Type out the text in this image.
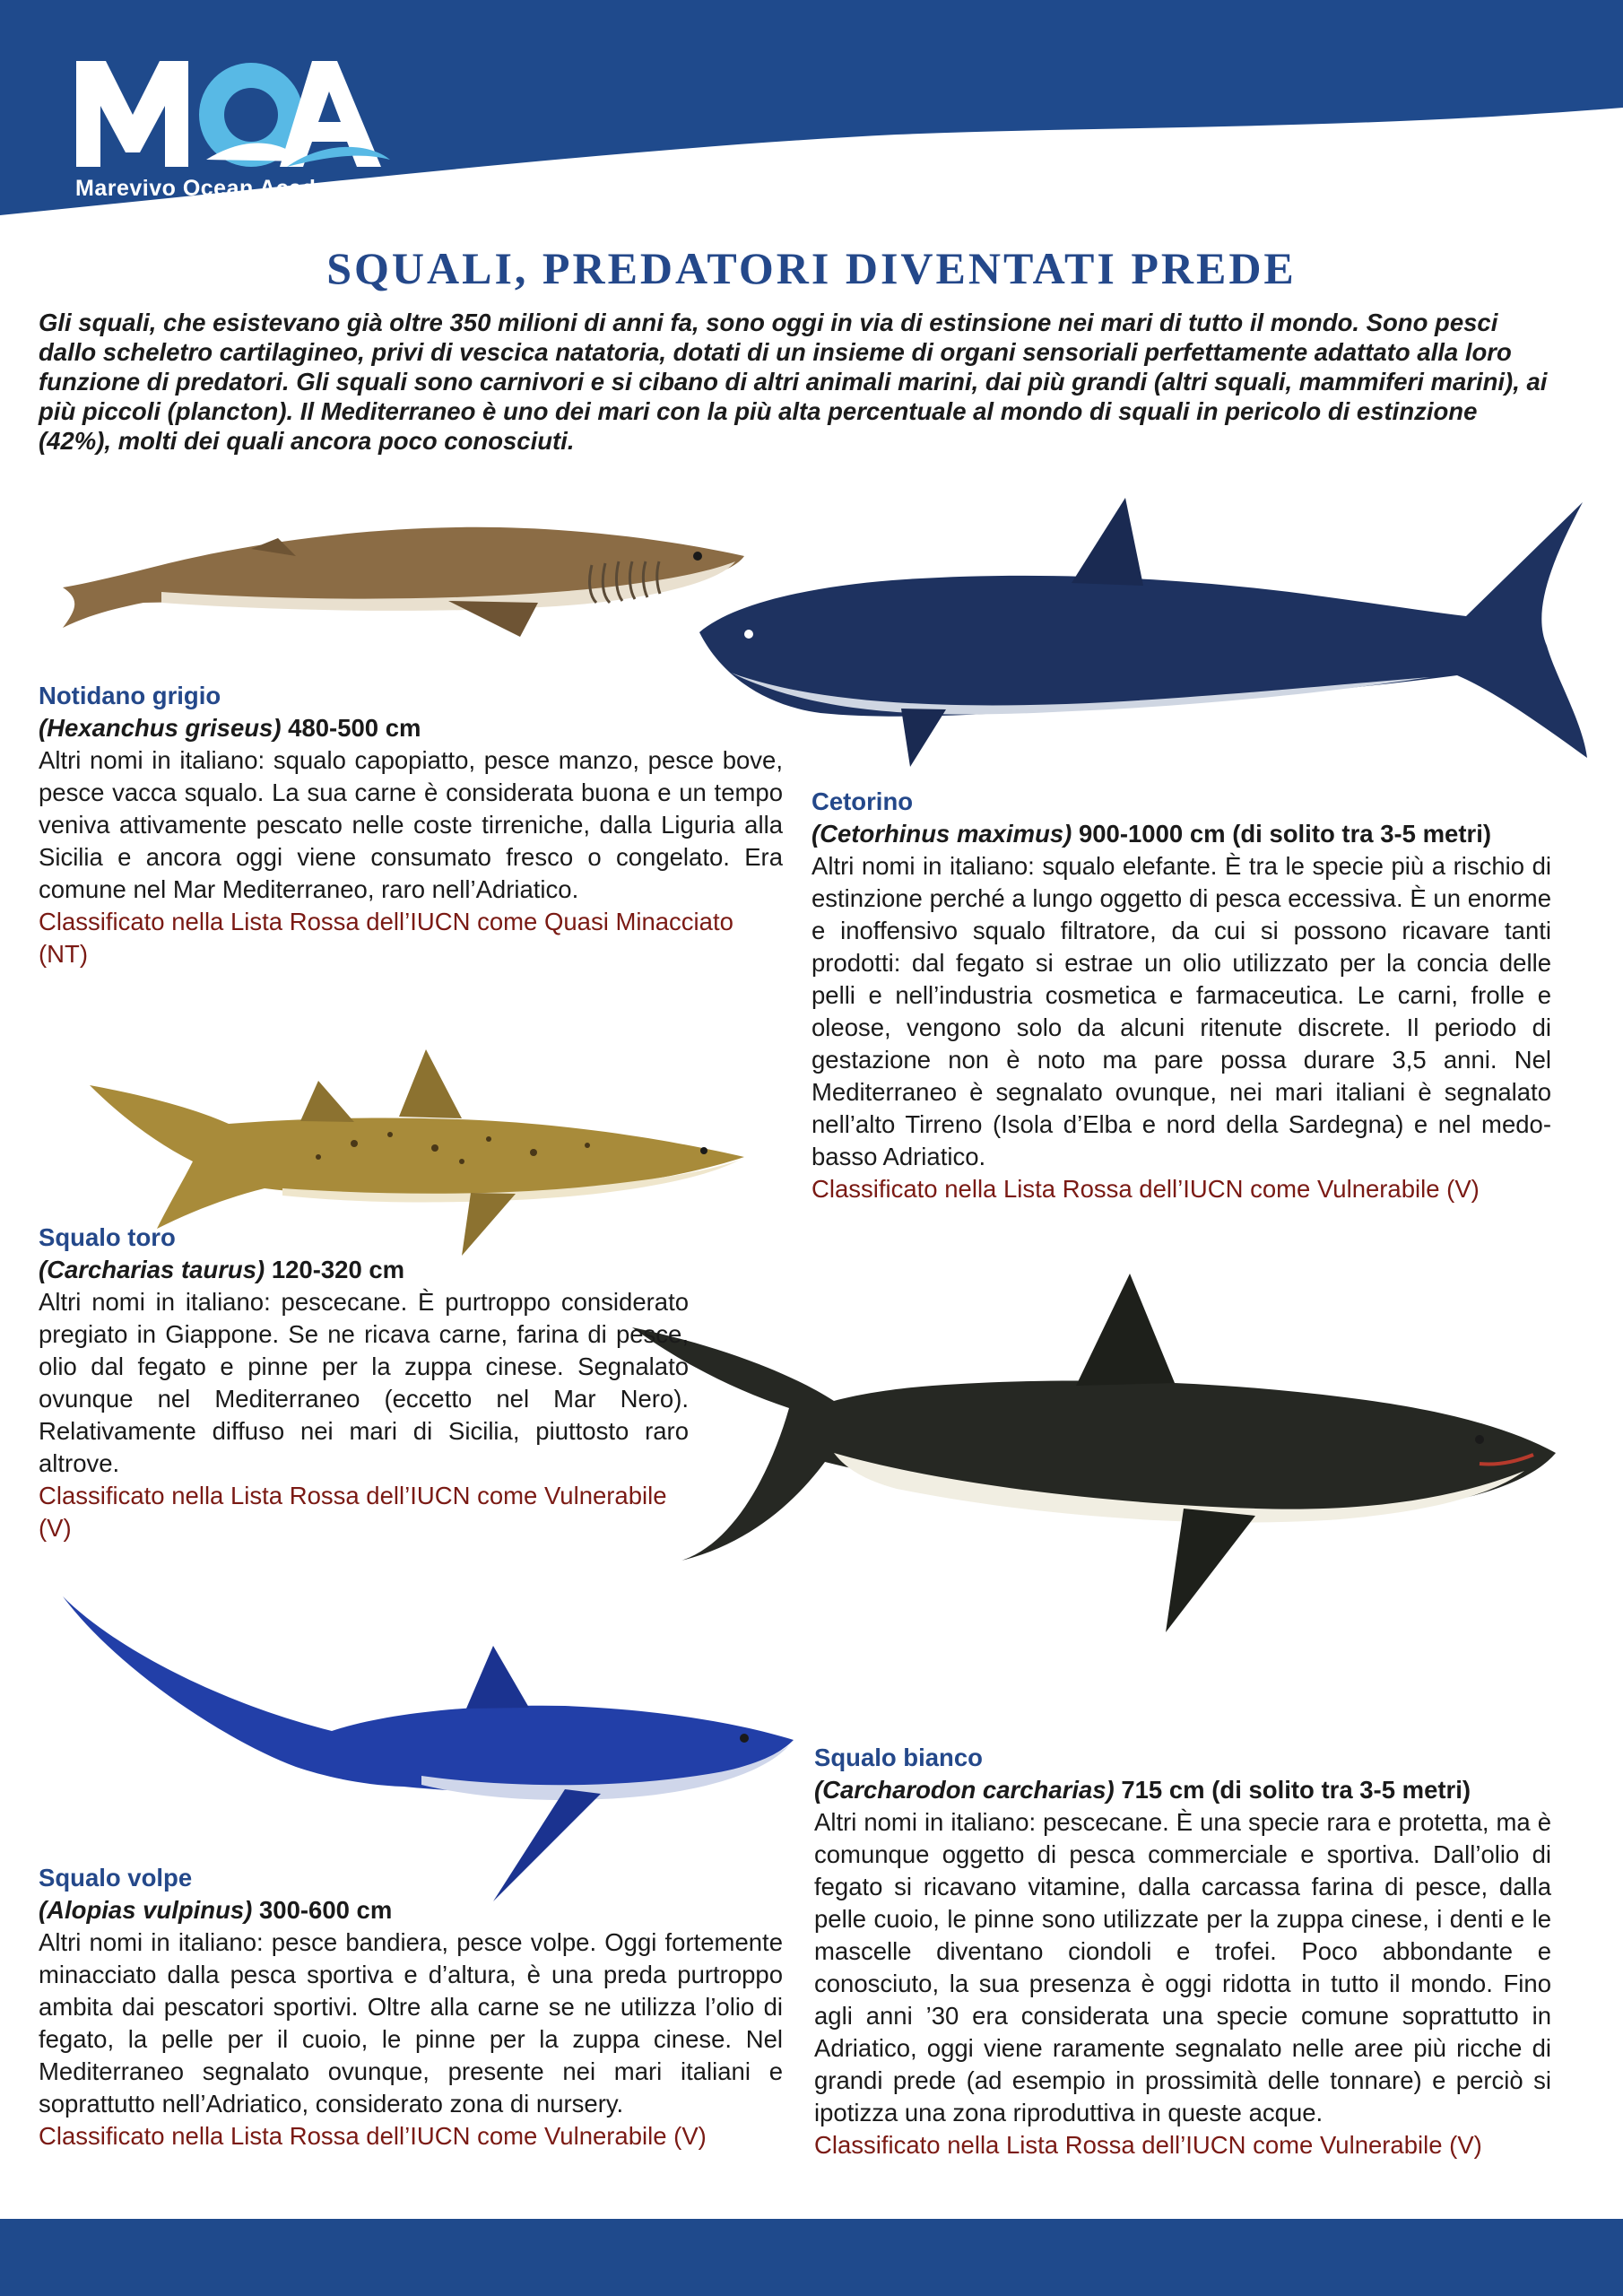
Marevivo Ocean Academy
SQUALI, PREDATORI DIVENTATI PREDE
Gli squali, che esistevano già oltre 350 milioni di anni fa, sono oggi in via di estinsione nei mari di tutto il mondo. Sono pesci dallo scheletro cartilagineo, privi di vescica natatoria, dotati di un insieme di organi sensoriali perfettamente adattato alla loro funzione di predatori. Gli squali sono carnivori e si cibano di altri animali marini, dai più grandi (altri squali, mammiferi marini), ai più piccoli (plancton). Il Mediterraneo è uno dei mari con la più alta percentuale al mondo di squali in pericolo di estinzione (42%), molti dei quali ancora poco conosciuti.

Notidano grigio

(Hexanchus griseus) 480-500 cm

Altri nomi in italiano: squalo capopiatto, pesce manzo, pesce bove, pesce vacca squalo. La sua carne è considerata buona e un tempo veniva attivamente pescato nelle coste tirreniche, dalla Liguria alla Sicilia e ancora oggi viene consumato fresco o congelato. Era comune nel Mar Mediterraneo, raro nell’Adriatico.

Classificato nella Lista Rossa dell’IUCN come Quasi Minacciato (NT)

Cetorino

(Cetorhinus maximus) 900-1000 cm (di solito tra 3-5 metri)

Altri nomi in italiano: squalo elefante. È tra le specie più a rischio di estinzione perché a lungo oggetto di pesca eccessiva. È un enorme e inoffensivo squalo filtratore, da cui si possono ricavare tanti prodotti: dal fegato si estrae un olio utilizzato per la concia delle pelli e nell’industria cosmetica e farmaceutica. Le carni, frolle e oleose, vengono solo da alcuni ritenute discrete. Il periodo di gestazione non è noto ma pare possa durare 3,5 anni. Nel Mediterraneo è segnalato ovunque, nei mari italiani è segnalato nell’alto Tirreno (Isola d’Elba e nord della Sardegna) e nel medo-basso Adriatico.

Classificato nella Lista Rossa dell’IUCN come Vulnerabile (V)

Squalo toro

(Carcharias taurus) 120-320 cm

Altri nomi in italiano: pescecane. È purtroppo considerato pregiato in Giappone. Se ne ricava carne, farina di pesce, olio dal fegato e pinne per la zuppa cinese. Segnalato ovunque nel Mediterraneo (eccetto nel Mar Nero). Relativamente diffuso nei mari di Sicilia, piuttosto raro altrove.

Classificato nella Lista Rossa dell’IUCN come Vulnerabile (V)

Squalo bianco

(Carcharodon carcharias) 715 cm (di solito tra 3-5 metri)

Altri nomi in italiano: pescecane. È una specie rara e protetta, ma è comunque oggetto di pesca commerciale e sportiva. Dall’olio di fegato si ricavano vitamine, dalla carcassa farina di pesce, dalla pelle cuoio, le pinne sono utilizzate per la zuppa cinese, i denti e le mascelle diventano ciondoli e trofei. Poco abbondante e conosciuto, la sua presenza è oggi ridotta in tutto il mondo. Fino agli anni ’30 era considerata una specie comune soprattutto in Adriatico, oggi viene raramente segnalato nelle aree più ricche di grandi prede (ad esempio in prossimità delle tonnare) e perciò si ipotizza una zona riproduttiva in queste acque.

Classificato nella Lista Rossa dell’IUCN come Vulnerabile (V)

Squalo volpe

(Alopias vulpinus) 300-600 cm

Altri nomi in italiano: pesce bandiera, pesce volpe. Oggi fortemente minacciato dalla pesca sportiva e d’altura, è una preda purtroppo ambita dai pescatori sportivi. Oltre alla carne se ne utilizza l’olio di fegato, la pelle per il cuoio, le pinne per la zuppa cinese. Nel Mediterraneo segnalato ovunque, presente nei mari italiani e soprattutto nell’Adriatico, considerato zona di nursery.

Classificato nella Lista Rossa dell’IUCN come Vulnerabile (V)
